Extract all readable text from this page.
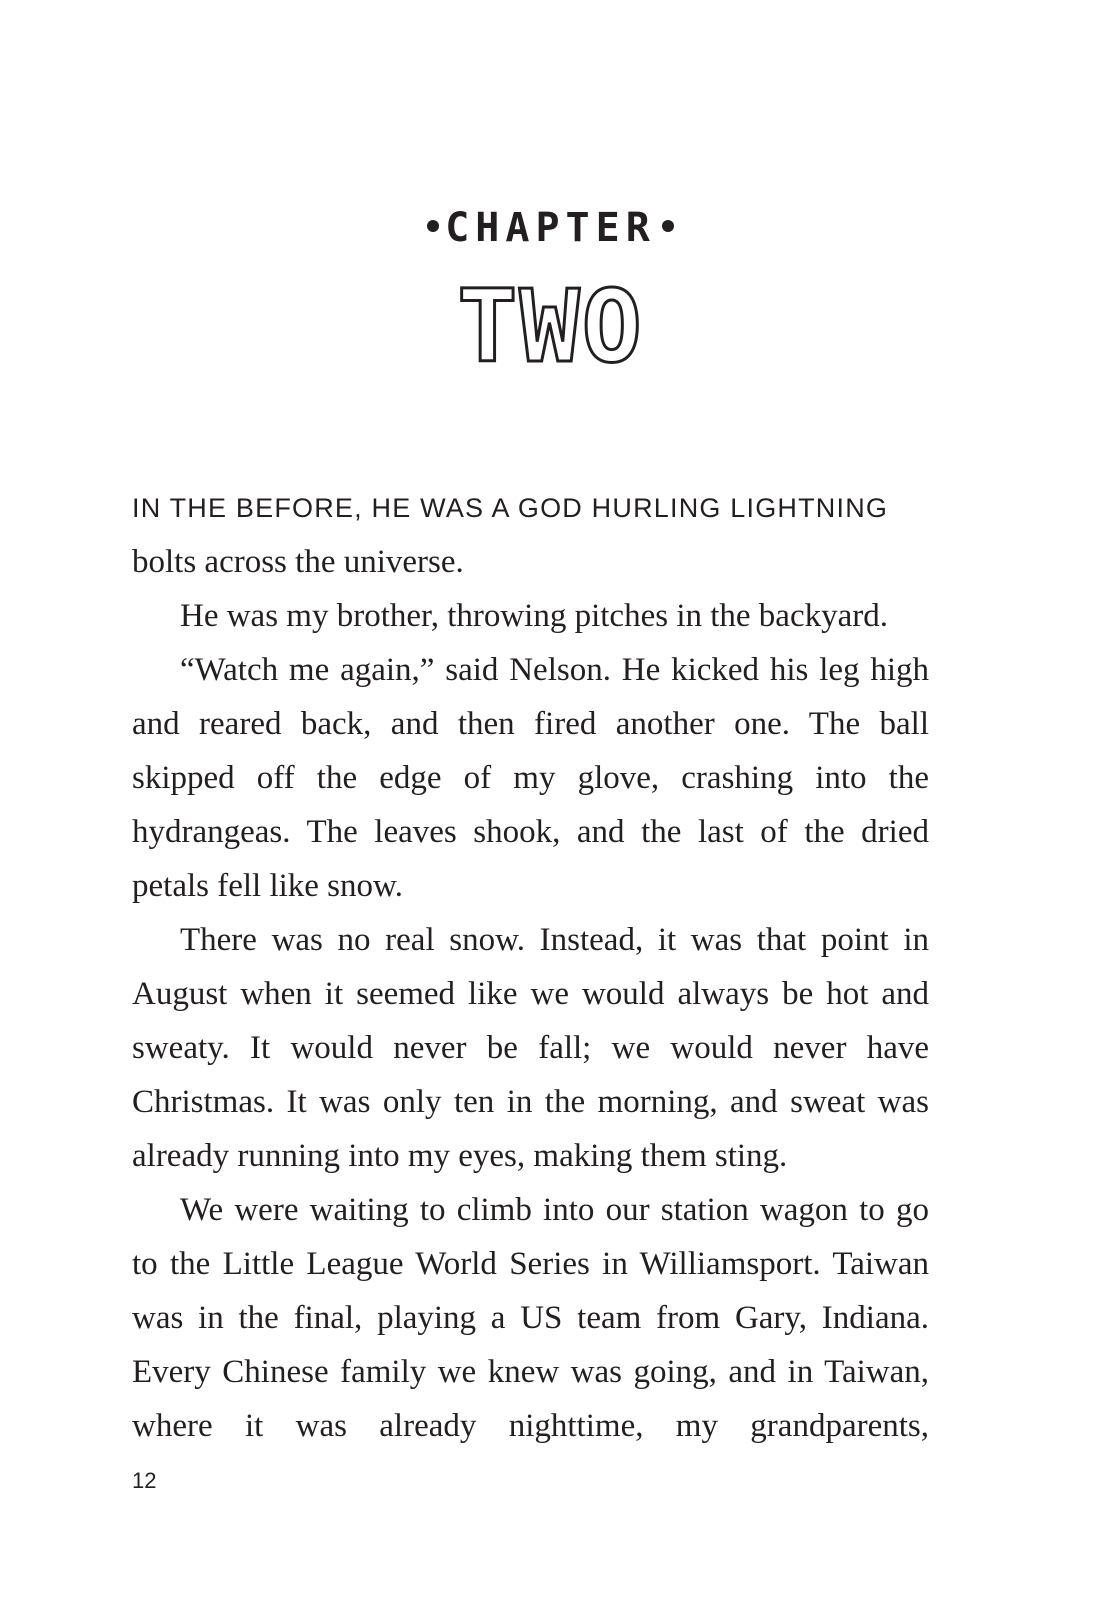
CHAPTER
TWO

IN THE BEFORE, HE WAS A GOD HURLING LIGHTNING
bolts across the universe.

He was my brother, throwing pitches in the backyard.

“Watch me again,” said Nelson. He kicked his leg high and reared back, and then fired another one. The ball skipped off the edge of my glove, crashing into the hydrangeas. The leaves shook, and the last of the dried petals fell like snow.

There was no real snow. Instead, it was that point in August when it seemed like we would always be hot and sweaty. It would never be fall; we would never have Christmas. It was only ten in the morning, and sweat was already running into my eyes, making them sting.

We were waiting to climb into our station wagon to go to the Little League World Series in Williamsport. Taiwan was in the final, playing a US team from Gary, Indiana. Every Chinese family we knew was going, and in Taiwan, where it was already nighttime, my grandparents,

12
